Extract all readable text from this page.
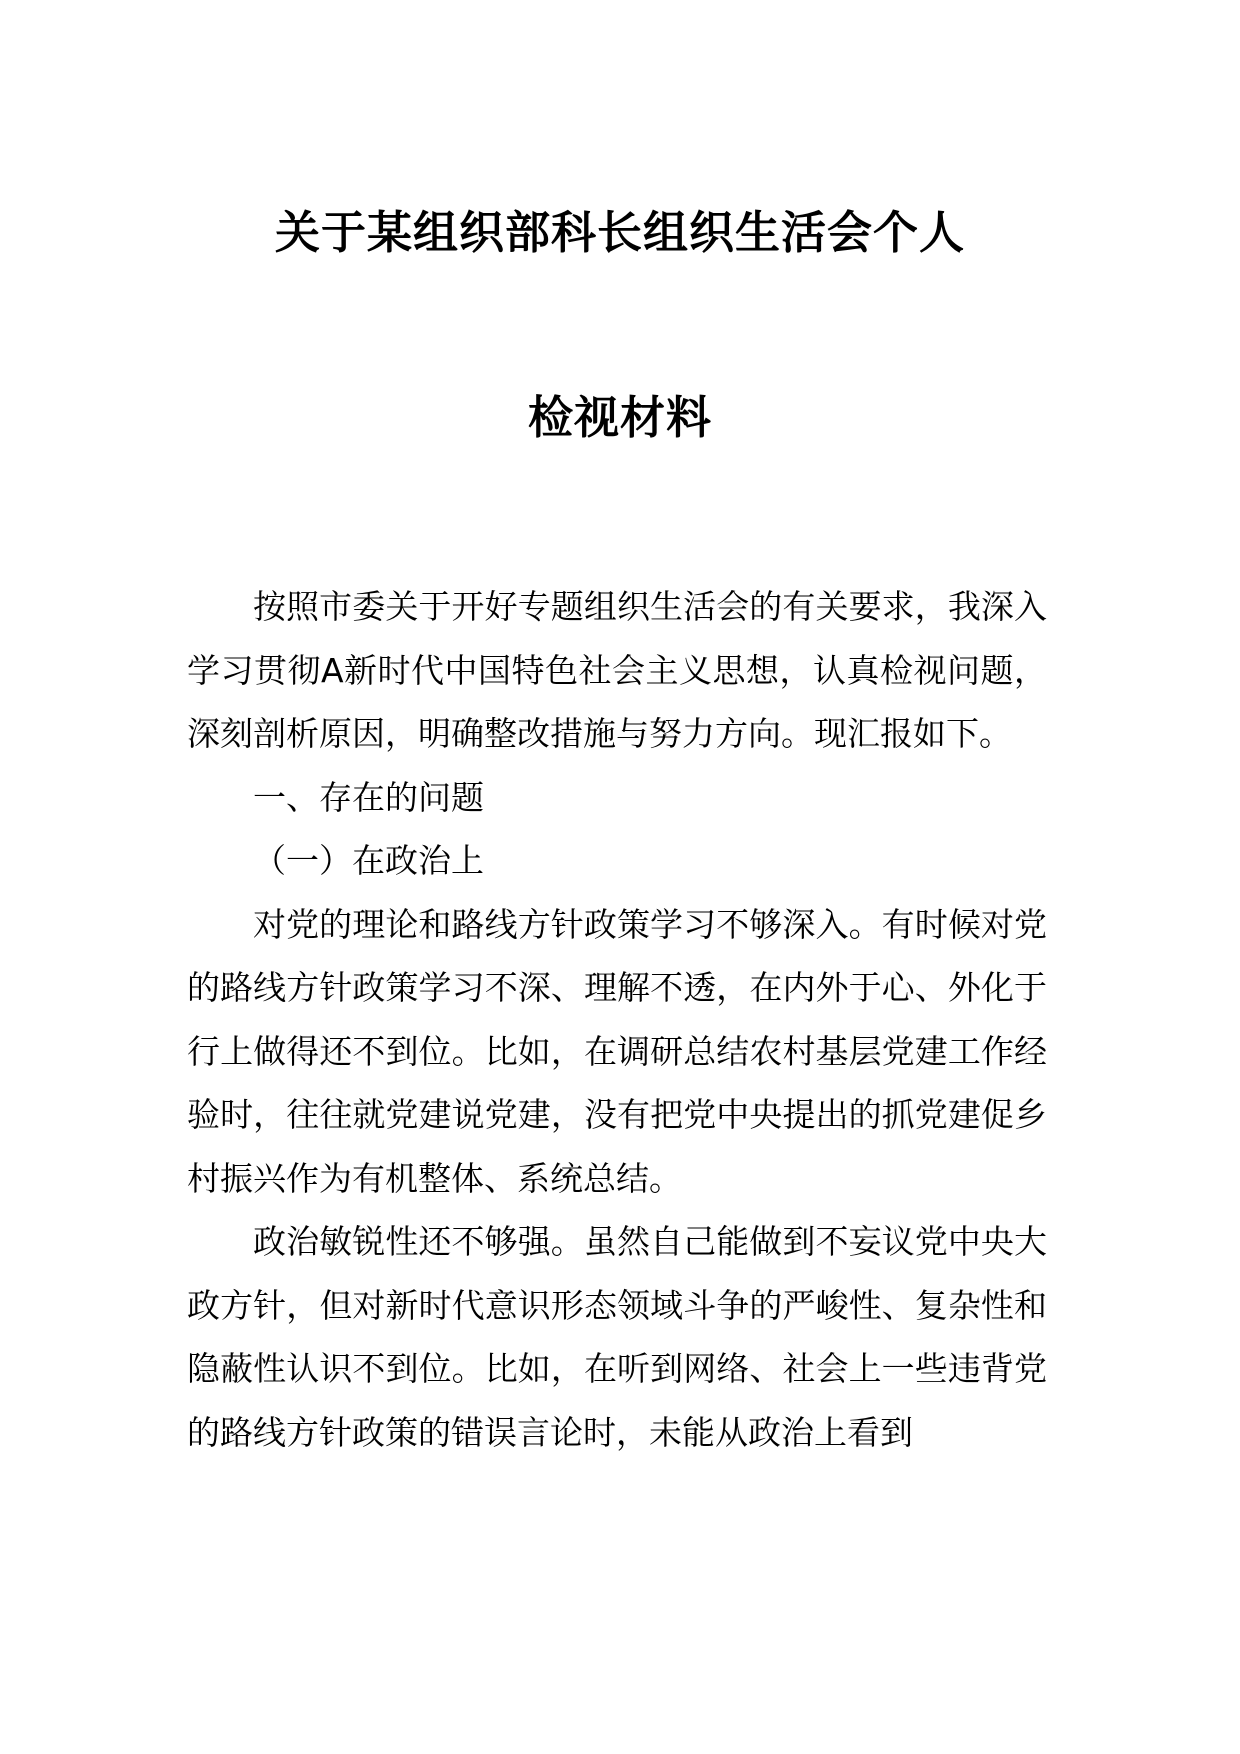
关于某组织部科长组织生活会个人
检视材料

按照市委关于开好专题组织生活会的有关要求，我深入学习贯彻A新时代中国特色社会主义思想，认真检视问题，深刻剖析原因，明确整改措施与努力方向。现汇报如下。

一、存在的问题

（一）在政治上

对党的理论和路线方针政策学习不够深入。有时候对党的路线方针政策学习不深、理解不透，在内外于心、外化于行上做得还不到位。比如，在调研总结农村基层党建工作经验时，往往就党建说党建，没有把党中央提出的抓党建促乡村振兴作为有机整体、系统总结。

政治敏锐性还不够强。虽然自己能做到不妄议党中央大政方针，但对新时代意识形态领域斗争的严峻性、复杂性和隐蔽性认识不到位。比如，在听到网络、社会上一些违背党的路线方针政策的错误言论时，未能从政治上看到
